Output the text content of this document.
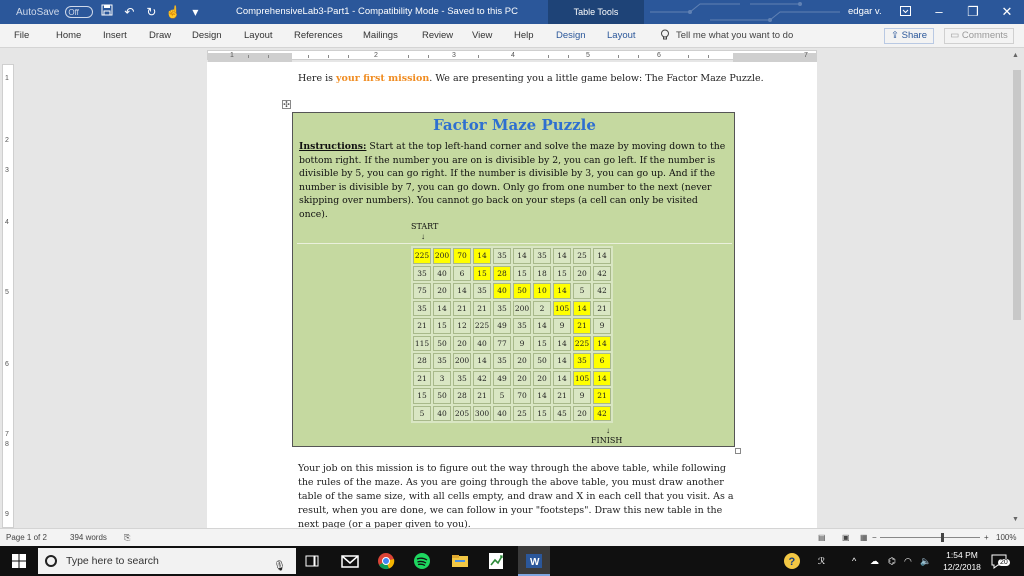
AutoSave	Off	↶ ↻ ☝ ▾	ComprehensiveLab3-Part1 - Compatibility Mode - Saved to this PC	Table Tools	edgar v.	–	❐	✕
File	Home Insert Draw Design Layout References Mailings	Review View Help Design Layout	Tell me what you want to do	⇪ Share	▭ Comments
1	2	3	4	5	6	7
1
2
3
4
5
6
7
8
9
Here is your first mission. We are presenting you a little game below: The Factor Maze Puzzle.
✣
Factor Maze Puzzle
Instructions: Start at the top left-hand corner and solve the maze by moving down to the bottom right. If the number you are on is divisible by 2, you can go left. If the number is divisible by 5, you can go right. If the number is divisible by 3, you can go up. And if the number is divisible by 7, you can go down. Only go from one number to the next (never skipping over numbers). You cannot go back on your steps (a cell can only be visited once).
START
↓
225	200	70	14	35	14	35	14	25	14
35	40	6	15	28	15	18	15	20	42
75	20	14	35	40	50	10	14	5	42
35	14	21	21	35	200	2	105	14	21
21	15	12	225	49	35	14	9	21	9
115	50	20	40	77	9	15	14	225	14
28	35	200	14	35	20	50	14	35	6
21	3	35	42	49	20	20	14	105	14
15	50	28	21	5	70	14	21	9	21
5	40	205	300	40	25	15	45	20	42
↓
FINISH
Your job on this mission is to figure out the way through the above table, while following the rules of the maze. As you are going through the above table, you must draw another table of the same size, with all cells empty, and draw and X in each cell that you visit. As a result, when you are done, we can follow in your "footsteps". Draw this new table in the next page (or a paper given to you).
▲
▼
Page 1 of 2	394 words ⎘	▤ ▣ ▦ −	+ 100%
Type here to search	🎙	W	?	ℛ	^ ☁ ⌬ ◠ 🔈
1:54 PM
12/2/2018	20
